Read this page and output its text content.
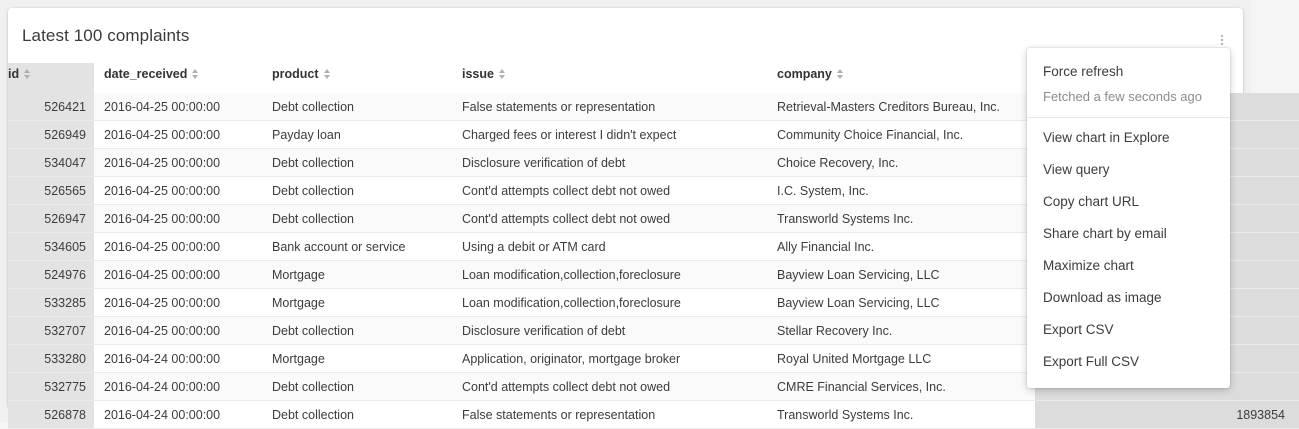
Latest 100 complaints
id	date_received	product	issue	company	

526421	2016-04-25 00:00:00	Debt collection	False statements or representation	Retrieval-Masters Creditors Bureau, Inc.	
526949	2016-04-25 00:00:00	Payday loan	Charged fees or interest I didn't expect	Community Choice Financial, Inc.	
534047	2016-04-25 00:00:00	Debt collection	Disclosure verification of debt	Choice Recovery, Inc.	
526565	2016-04-25 00:00:00	Debt collection	Cont'd attempts collect debt not owed	I.C. System, Inc.	
526947	2016-04-25 00:00:00	Debt collection	Cont'd attempts collect debt not owed	Transworld Systems Inc.	
534605	2016-04-25 00:00:00	Bank account or service	Using a debit or ATM card	Ally Financial Inc.	
524976	2016-04-25 00:00:00	Mortgage	Loan modification,collection,foreclosure	Bayview Loan Servicing, LLC	
533285	2016-04-25 00:00:00	Mortgage	Loan modification,collection,foreclosure	Bayview Loan Servicing, LLC	
532707	2016-04-25 00:00:00	Debt collection	Disclosure verification of debt	Stellar Recovery Inc.	
533280	2016-04-24 00:00:00	Mortgage	Application, originator, mortgage broker	Royal United Mortgage LLC	
532775	2016-04-24 00:00:00	Debt collection	Cont'd attempts collect debt not owed	CMRE Financial Services, Inc.	
526878	2016-04-24 00:00:00	Debt collection	False statements or representation	Transworld Systems Inc.	1893854
Force refresh
Fetched a few seconds ago
View chart in Explore
View query
Copy chart URL
Share chart by email
Maximize chart
Download as image
Export CSV
Export Full CSV
